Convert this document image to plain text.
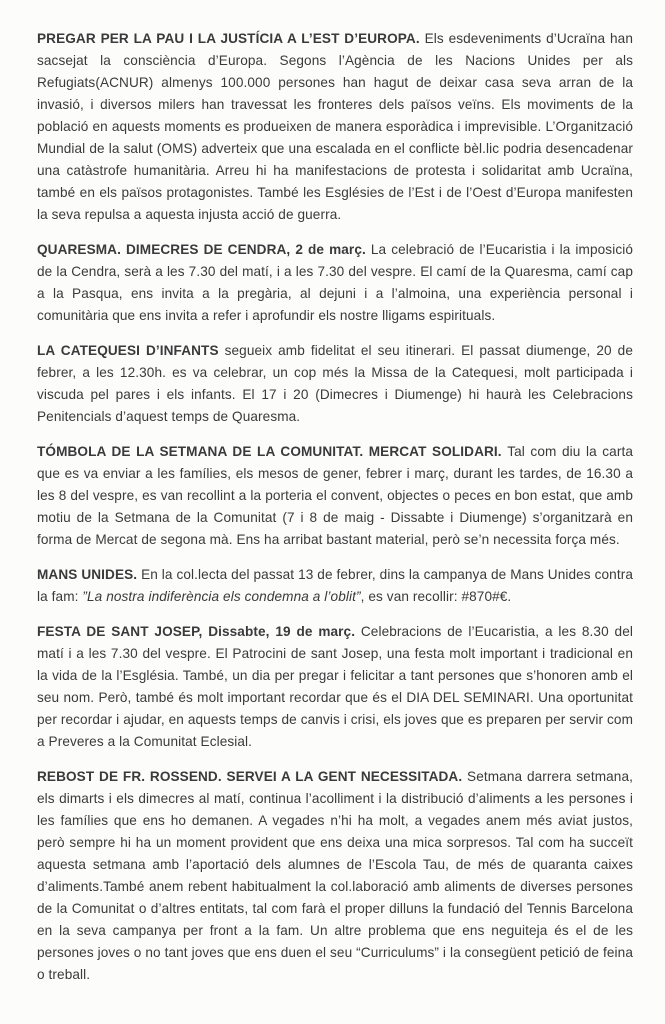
PREGAR PER LA PAU I LA JUSTÍCIA A L’EST D’EUROPA. Els esdeveniments d’Ucraïna han sacsejat la consciència d’Europa. Segons l’Agència de les Nacions Unides per als Refugiats(ACNUR) almenys 100.000 persones han hagut de deixar casa seva arran de la invasió, i diversos milers han travessat les fronteres dels països veïns. Els moviments de la població en aquests moments es produeixen de manera esporàdica i imprevisible. L’Organització Mundial de la salut (OMS) adverteix que una escalada en el conflicte bèl.lic podria desencadenar una catàstrofe humanitària. Arreu hi ha manifestacions de protesta i solidaritat amb Ucraïna, també en els països protagonistes. També les Esglésies de l’Est i de l’Oest d’Europa manifesten la seva repulsa a aquesta injusta acció de guerra.

QUARESMA. DIMECRES DE CENDRA, 2 de març. La celebració de l’Eucaristia i la imposició de la Cendra, serà a les 7.30 del matí, i a les 7.30 del vespre. El camí de la Quaresma, camí cap a la Pasqua, ens invita a la pregària, al dejuni i a l’almoina, una experiència personal i comunitària que ens invita a refer i aprofundir els nostre lligams espirituals.

LA CATEQUESI D’INFANTS segueix amb fidelitat el seu itinerari. El passat diumenge, 20 de febrer, a les 12.30h. es va celebrar, un cop més la Missa de la Catequesi, molt participada i viscuda pel pares i els infants. El 17 i 20 (Dimecres i Diumenge) hi haurà les Celebracions Penitencials d’aquest temps de Quaresma.

TÓMBOLA DE LA SETMANA DE LA COMUNITAT. MERCAT SOLIDARI. Tal com diu la carta que es va enviar a les famílies, els mesos de gener, febrer i març, durant les tardes, de 16.30 a les 8 del vespre, es van recollint a la porteria el convent, objectes o peces en bon estat, que amb motiu de la Setmana de la Comunitat (7 i 8 de maig - Dissabte i Diumenge) s’organitzarà en forma de Mercat de segona mà. Ens ha arribat bastant material, però se’n necessita força més.

MANS UNIDES. En la col.lecta del passat 13 de febrer, dins la campanya de Mans Unides contra la fam: ”La nostra indiferència els condemna a l’oblit”, es van recollir: #870#€.

FESTA DE SANT JOSEP, Dissabte, 19 de març. Celebracions de l’Eucaristia, a les 8.30 del matí i a les 7.30 del vespre. El Patrocini de sant Josep, una festa molt important i tradicional en la vida de la l’Església. També, un dia per pregar i felicitar a tant persones que s’honoren amb el seu nom. Però, també és molt important recordar que és el DIA DEL SEMINARI. Una oportunitat per recordar i ajudar, en aquests temps de canvis i crisi, els joves que es preparen per servir com a Preveres a la Comunitat Eclesial.

REBOST DE FR. ROSSEND. SERVEI A LA GENT NECESSITADA. Setmana darrera setmana, els dimarts i els dimecres al matí, continua l’acolliment i la distribució d’aliments a les persones i les famílies que ens ho demanen. A vegades n’hi ha molt, a vegades anem més aviat justos, però sempre hi ha un moment provident que ens deixa una mica sorpresos. Tal com ha succeït aquesta setmana amb l’aportació dels alumnes de l’Escola Tau, de més de quaranta caixes d’aliments.També anem rebent habitualment la col.laboració amb aliments de diverses persones de la Comunitat o d’altres entitats, tal com farà el proper dilluns la fundació del Tennis Barcelona en la seva campanya per front a la fam. Un altre problema que ens neguiteja és el de les persones joves o no tant joves que ens duen el seu “Curriculums” i la consegüent petició de feina o treball.
